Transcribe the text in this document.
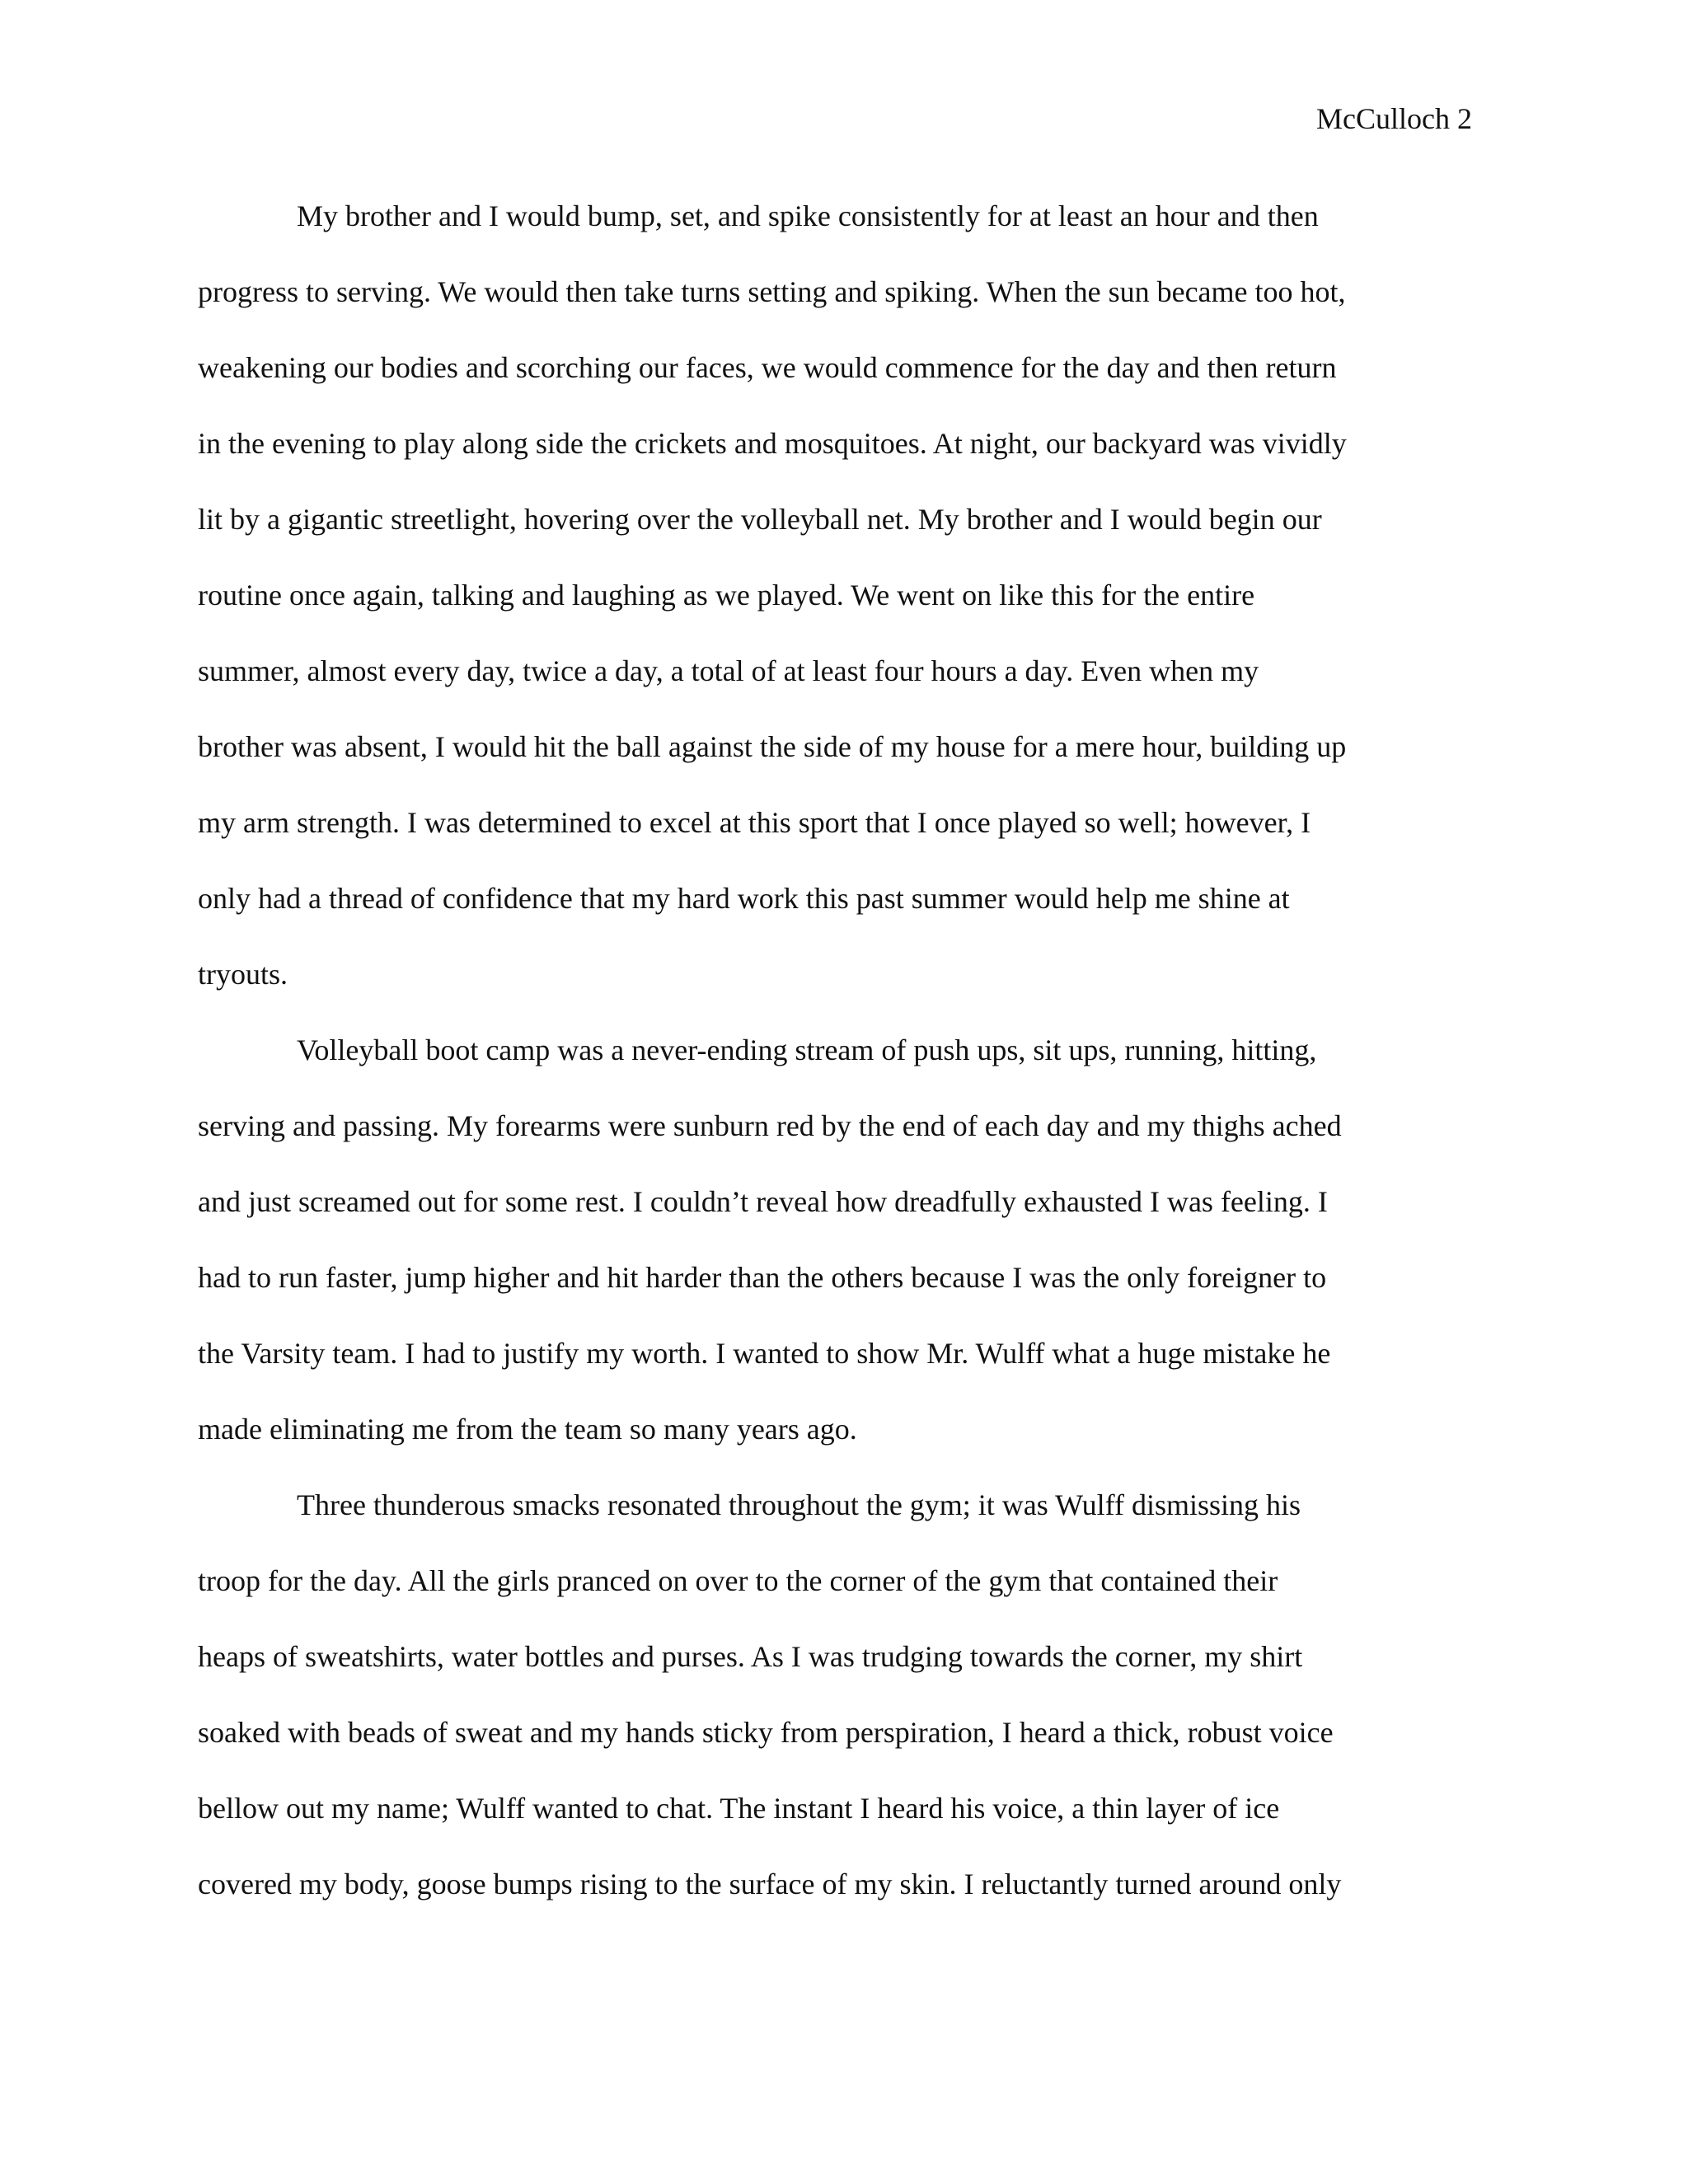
McCulloch 2
My brother and I would bump, set, and spike consistently for at least an hour and then
progress to serving. We would then take turns setting and spiking. When the sun became too hot,
weakening our bodies and scorching our faces, we would commence for the day and then return
in the evening to play along side the crickets and mosquitoes. At night, our backyard was vividly
lit by a gigantic streetlight, hovering over the volleyball net. My brother and I would begin our
routine once again, talking and laughing as we played. We went on like this for the entire
summer, almost every day, twice a day, a total of at least four hours a day. Even when my
brother was absent, I would hit the ball against the side of my house for a mere hour, building up
my arm strength. I was determined to excel at this sport that I once played so well; however, I
only had a thread of confidence that my hard work this past summer would help me shine at
tryouts.
Volleyball boot camp was a never-ending stream of push ups, sit ups, running, hitting,
serving and passing. My forearms were sunburn red by the end of each day and my thighs ached
and just screamed out for some rest. I couldn’t reveal how dreadfully exhausted I was feeling. I
had to run faster, jump higher and hit harder than the others because I was the only foreigner to
the Varsity team. I had to justify my worth. I wanted to show Mr. Wulff what a huge mistake he
made eliminating me from the team so many years ago.
Three thunderous smacks resonated throughout the gym; it was Wulff dismissing his
troop for the day. All the girls pranced on over to the corner of the gym that contained their
heaps of sweatshirts, water bottles and purses. As I was trudging towards the corner, my shirt
soaked with beads of sweat and my hands sticky from perspiration, I heard a thick, robust voice
bellow out my name; Wulff wanted to chat. The instant I heard his voice, a thin layer of ice
covered my body, goose bumps rising to the surface of my skin. I reluctantly turned around only
